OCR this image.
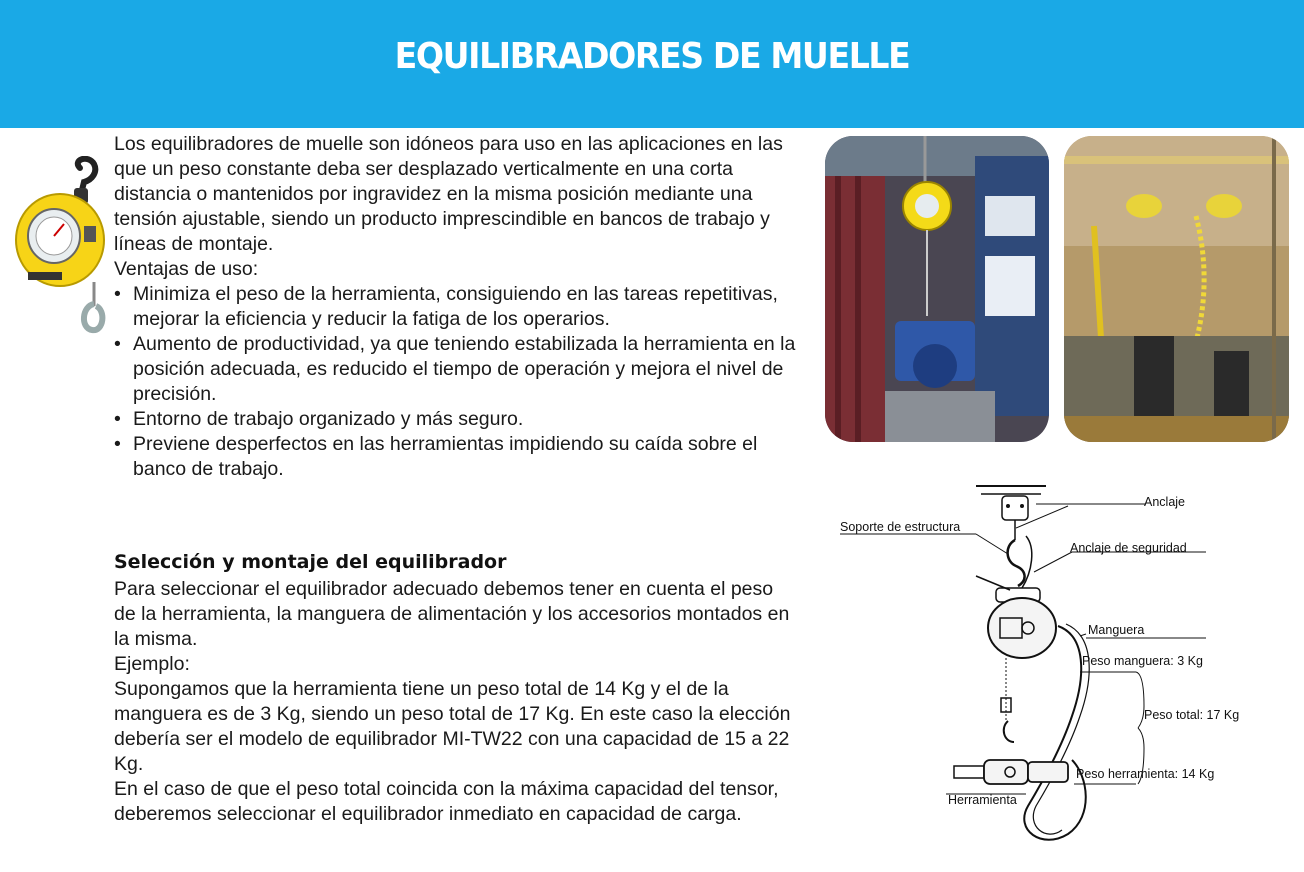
EQUILIBRADORES DE MUELLE
Los equilibradores de muelle son idóneos para uso en las aplicaciones en las que un peso constante deba ser desplazado verticalmente en una corta distancia o mantenidos por ingravidez en la misma posición mediante una tensión ajustable, siendo un producto imprescindible en bancos de trabajo y líneas de montaje.
Ventajas de uso:
• Minimiza el peso de la herramienta, consiguiendo en las tareas repetitivas, mejorar la eficiencia y reducir la fatiga de los operarios.
• Aumento de productividad, ya que teniendo estabilizada la herramienta en la posición adecuada, es reducido el tiempo de operación y mejora el nivel de precisión.
• Entorno de trabajo organizado y más seguro.
• Previene desperfectos en las herramientas impidiendo su caída sobre el banco de trabajo.
Selección y montaje del equilibrador

Para seleccionar el equilibrador adecuado debemos tener en cuenta el peso de la herramienta, la manguera de alimentación y los accesorios montados en la misma.

Ejemplo:

Supongamos que la herramienta tiene un peso total de 14 Kg y el de la manguera es de 3 Kg, siendo un peso total de 17 Kg. En este caso la elección debería ser el modelo de equilibrador MI-TW22 con una capacidad de 15 a 22 Kg.

En el caso de que el peso total coincida con la máxima capacidad del tensor, deberemos seleccionar el equilibrador inmediato en capacidad de carga.

Anclaje
Soporte de estructura
Anclaje de seguridad
Manguera
Peso manguera: 3 Kg
Peso total: 17 Kg
Peso herramienta: 14 Kg
Herramienta
